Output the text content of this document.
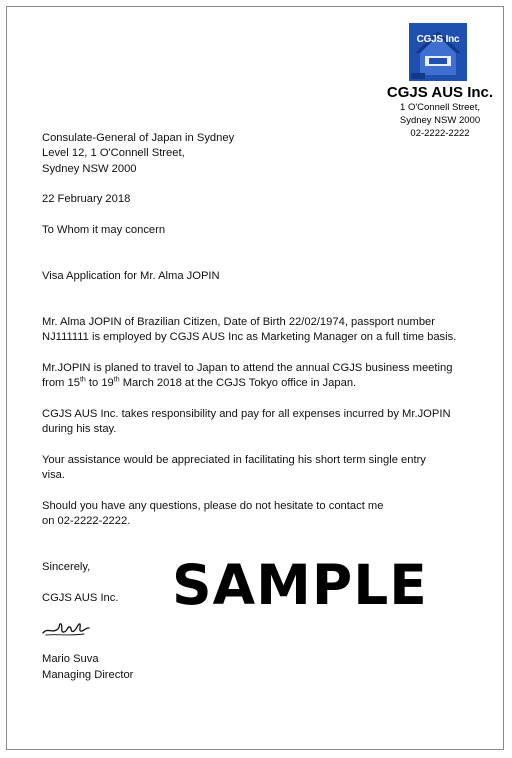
CGJS Inc
CGJS AUS Inc.
1 O'Connell Street,
Sydney NSW 2000
02-2222-2222
Consulate-General of Japan in Sydney
Level 12, 1 O'Connell Street,
Sydney NSW 2000
22 February 2018
To Whom it may concern
Visa Application for Mr. Alma JOPIN
Mr. Alma JOPIN of Brazilian Citizen, Date of Birth 22/02/1974, passport number
NJ111111 is employed by CGJS AUS Inc as Marketing Manager on a full time basis.
Mr.JOPIN is planed to travel to Japan to attend the annual CGJS business meeting
from 15th to 19th March 2018 at the CGJS Tokyo office in Japan.
CGJS AUS Inc. takes responsibility and pay for all expenses incurred by Mr.JOPIN
during his stay.
Your assistance would be appreciated in facilitating his short term single entry
visa.
Should you have any questions, please do not hesitate to contact me
on 02-2222-2222.
Sincerely,
CGJS AUS Inc.
Mario Suva
Managing Director
SAMPLE
